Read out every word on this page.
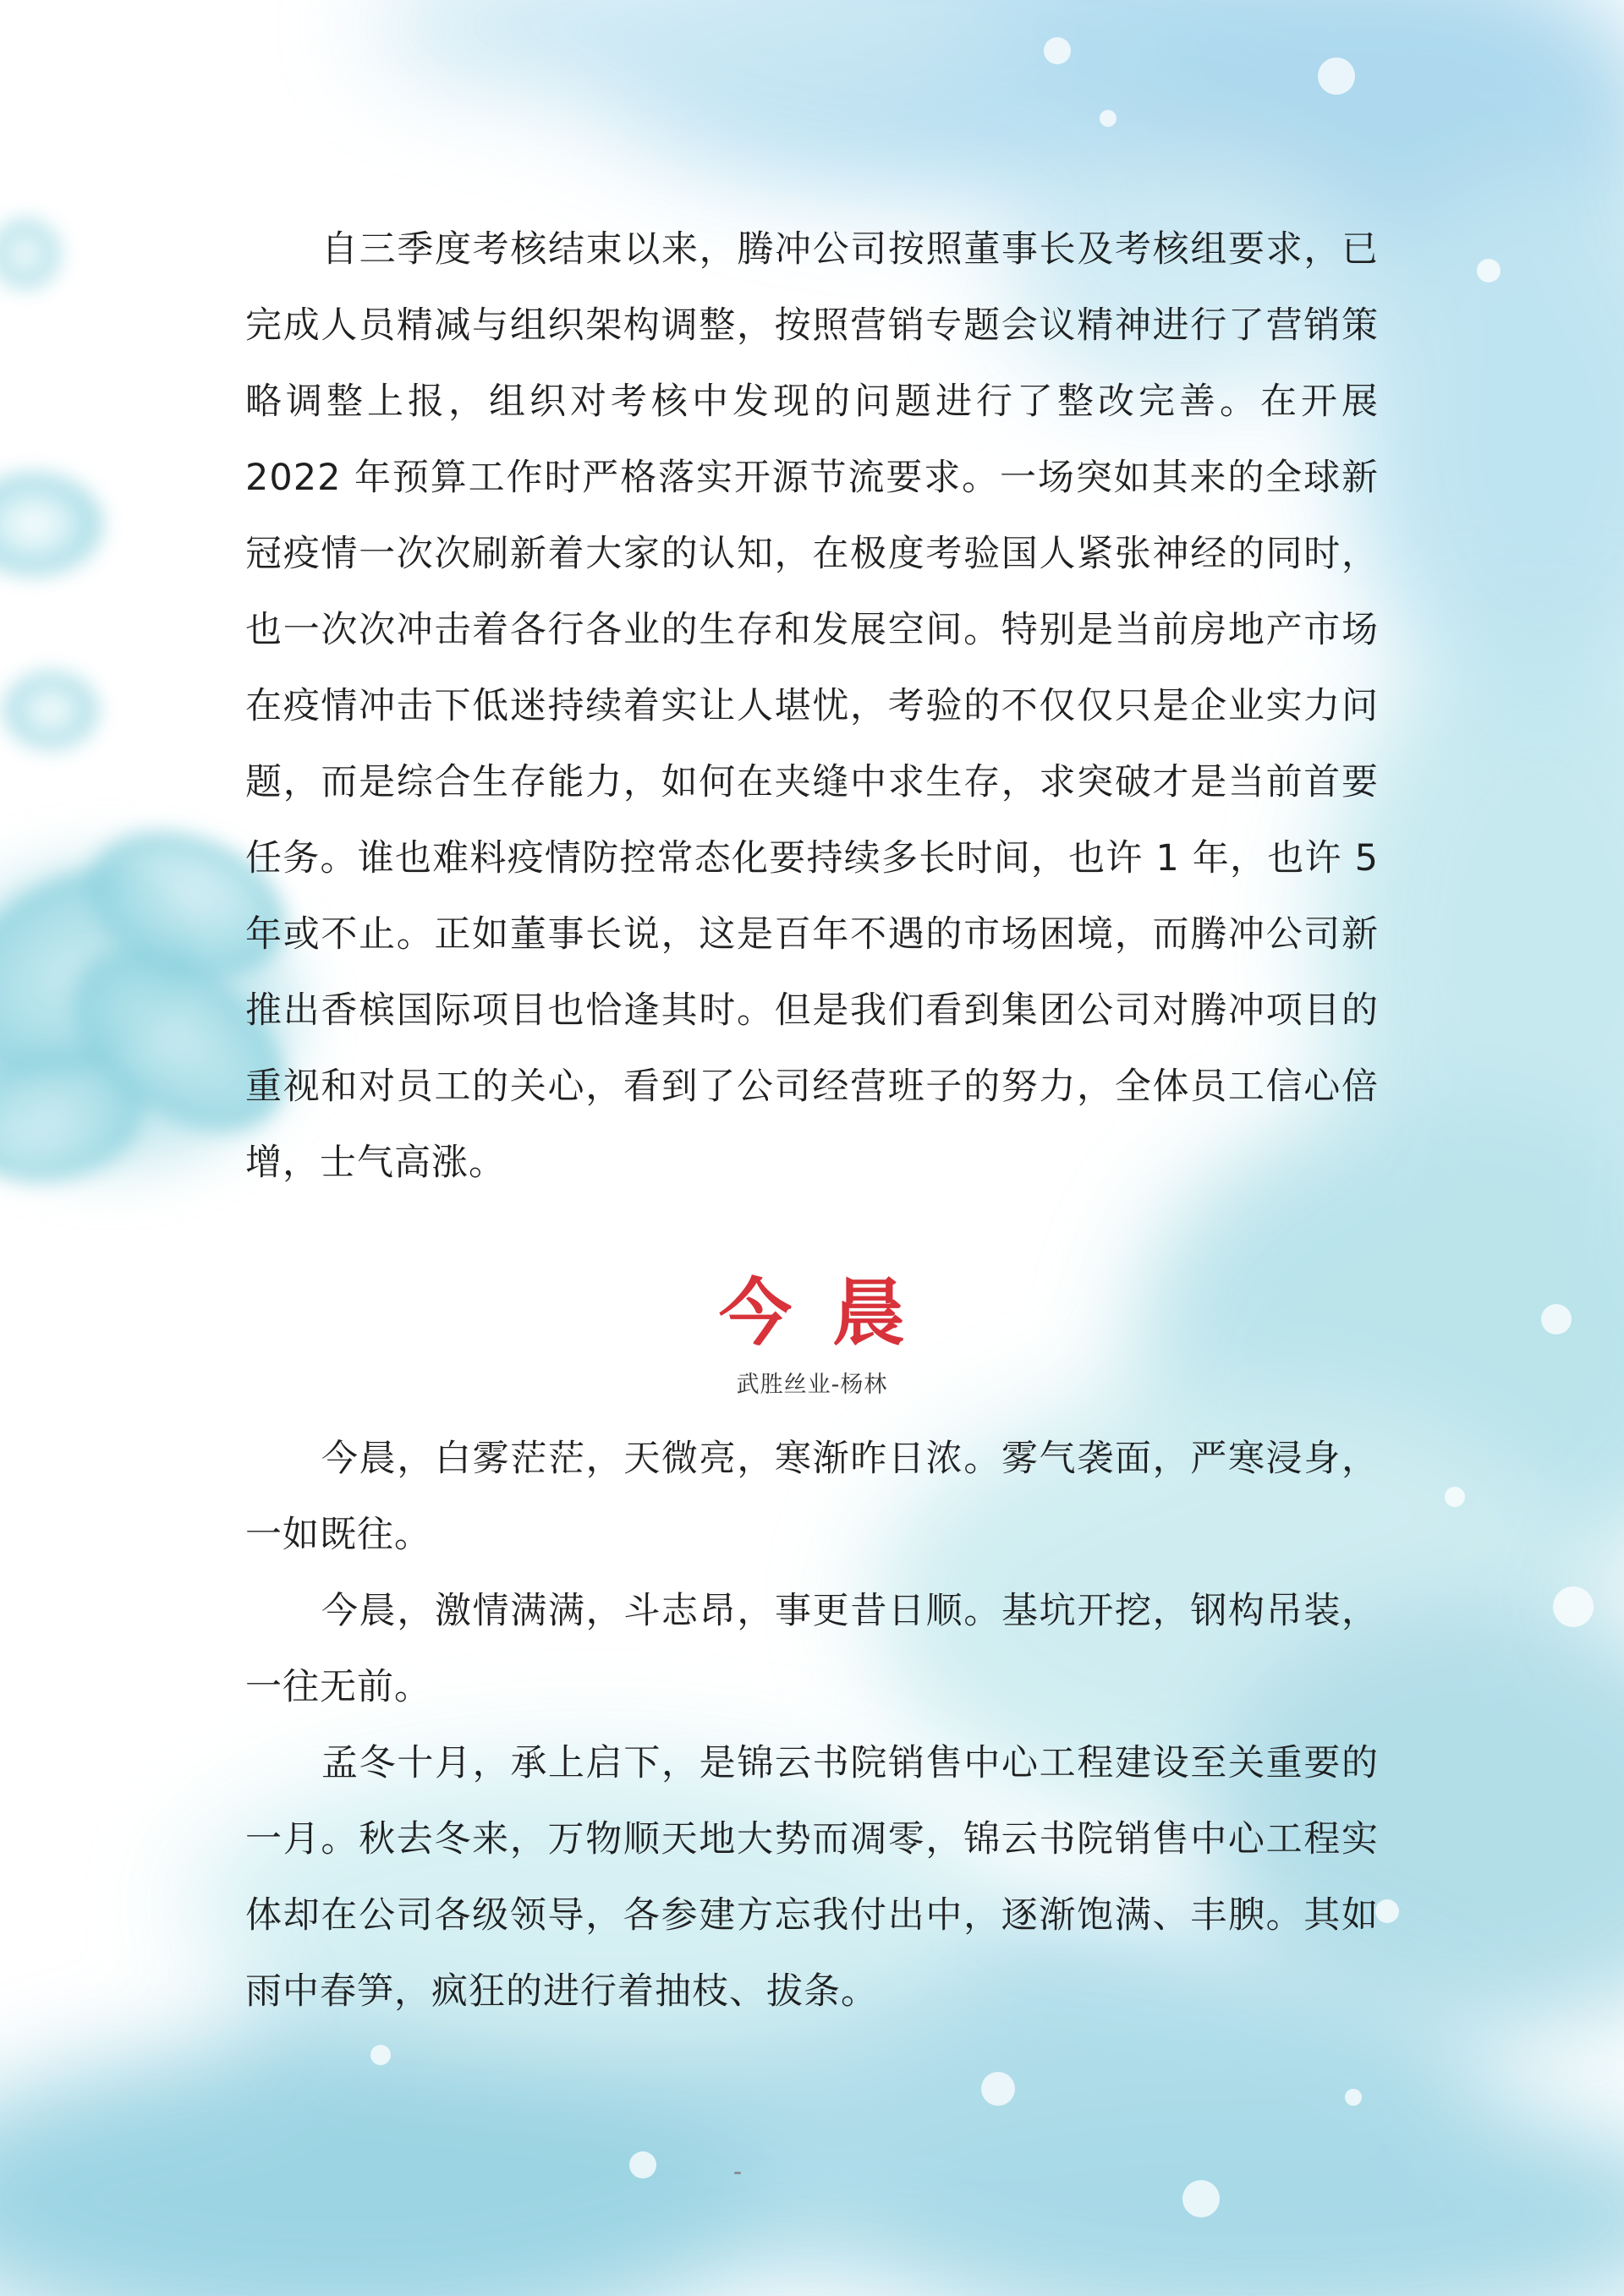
自三季度考核结束以来，腾冲公司按照董事长及考核组要求，已完成人员精减与组织架构调整，按照营销专题会议精神进行了营销策略调整上报，组织对考核中发现的问题进行了整改完善。在开展 2022 年预算工作时严格落实开源节流要求。一场突如其来的全球新冠疫情一次次刷新着大家的认知，在极度考验国人紧张神经的同时，也一次次冲击着各行各业的生存和发展空间。特别是当前房地产市场在疫情冲击下低迷持续着实让人堪忧，考验的不仅仅只是企业实力问题，而是综合生存能力，如何在夹缝中求生存，求突破才是当前首要任务。谁也难料疫情防控常态化要持续多长时间，也许 1 年，也许 5 年或不止。正如董事长说，这是百年不遇的市场困境，而腾冲公司新推出香槟国际项目也恰逢其时。但是我们看到集团公司对腾冲项目的重视和对员工的关心，看到了公司经营班子的努力，全体员工信心倍增，士气高涨。

今晨
武胜丝业-杨林

今晨，白雾茫茫，天微亮，寒渐昨日浓。雾气袭面，严寒浸身，一如既往。

今晨，激情满满，斗志昂，事更昔日顺。基坑开挖，钢构吊装，一往无前。

孟冬十月，承上启下，是锦云书院销售中心工程建设至关重要的一月。秋去冬来，万物顺天地大势而凋零，锦云书院销售中心工程实体却在公司各级领导，各参建方忘我付出中，逐渐饱满、丰腴。其如雨中春笋，疯狂的进行着抽枝、拔条。
